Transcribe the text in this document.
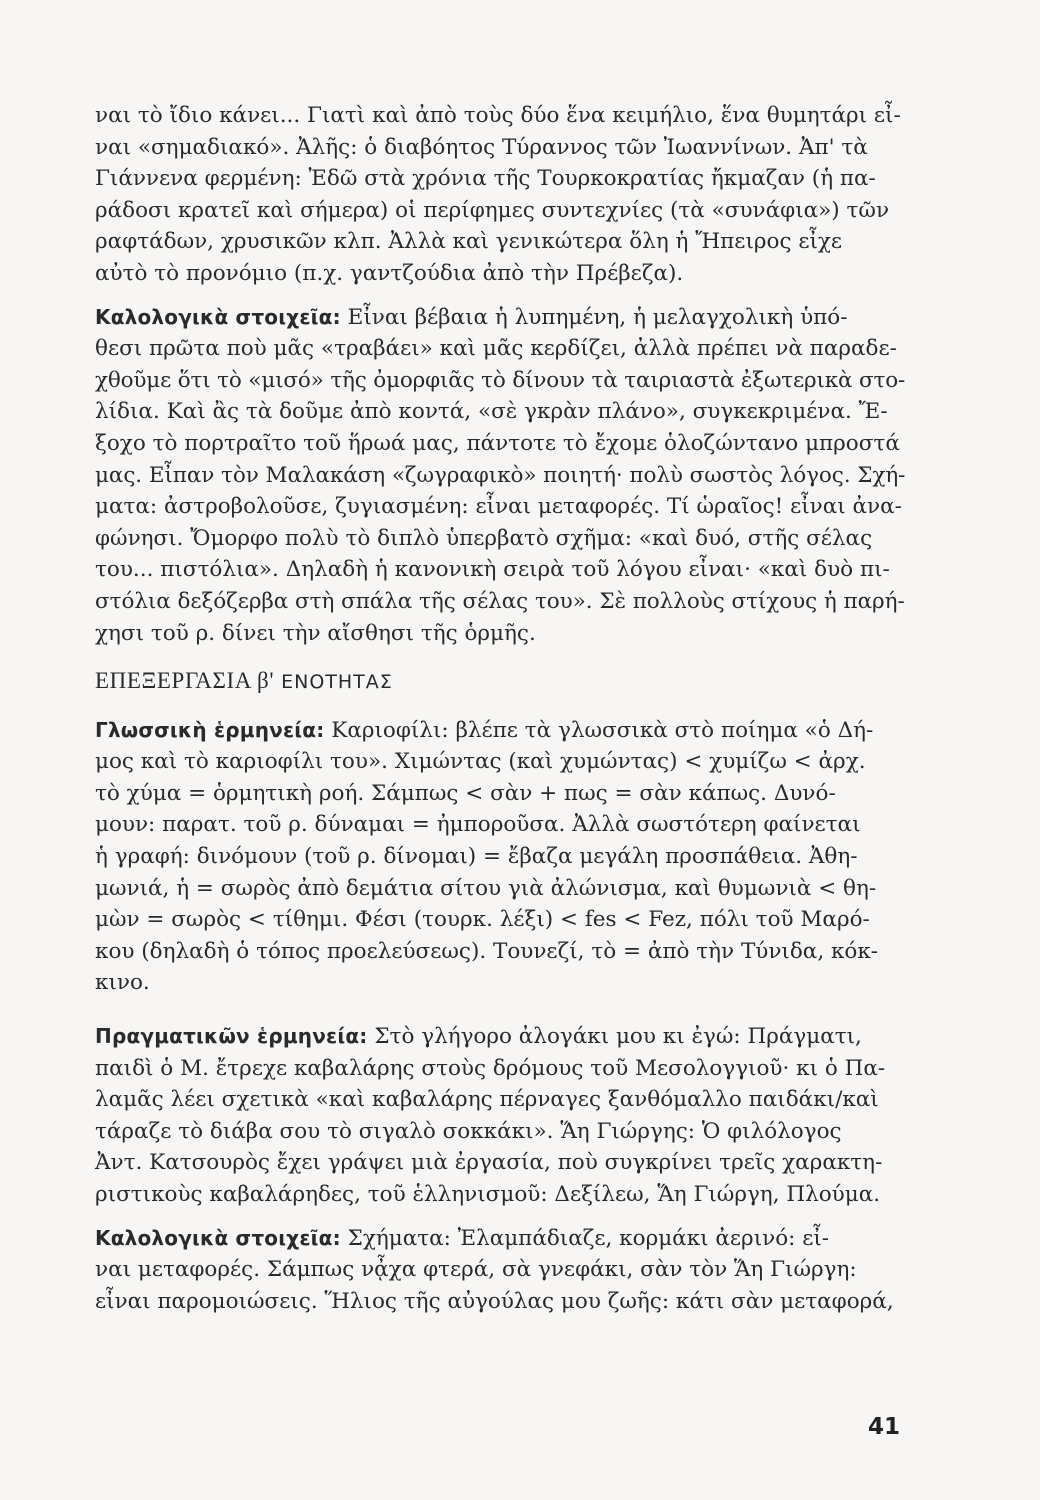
ναι τὸ ἴδιο κάνει... Γιατὶ καὶ ἀπὸ τοὺς δύο ἕνα κειμήλιο, ἕνα θυμητάρι εἶ-
ναι «σημαδιακό». Ἀλῆς: ὁ διαβόητος Τύραννος τῶν Ἰωαννίνων. Ἀπ' τὰ
Γιάννενα φερμένη: Ἐδῶ στὰ χρόνια τῆς Τουρκοκρατίας ἤκμαζαν (ἡ πα-
ράδοσι κρατεῖ καὶ σήμερα) οἱ περίφημες συντεχνίες (τὰ «συνάφια») τῶν
ραφτάδων, χρυσικῶν κλπ. Ἀλλὰ καὶ γενικώτερα ὅλη ἡ Ἤπειρος εἶχε
αὐτὸ τὸ προνόμιο (π.χ. γαντζούδια ἀπὸ τὴν Πρέβεζα).
Καλολογικὰ στοιχεῖα: Εἶναι βέβαια ἡ λυπημένη, ἡ μελαγχολικὴ ὑπό-
θεσι πρῶτα ποὺ μᾶς «τραβάει» καὶ μᾶς κερδίζει, ἀλλὰ πρέπει νὰ παραδε-
χθοῦμε ὅτι τὸ «μισό» τῆς ὀμορφιᾶς τὸ δίνουν τὰ ταιριαστὰ ἐξωτερικὰ στο-
λίδια. Καὶ ἂς τὰ δοῦμε ἀπὸ κοντά, «σὲ γκρὰν πλάνο», συγκεκριμένα. Ἔ-
ξοχο τὸ πορτραῖτο τοῦ ἥρωά μας, πάντοτε τὸ ἔχομε ὁλοζώντανο μπροστά
μας. Εἶπαν τὸν Μαλακάση «ζωγραφικὸ» ποιητή· πολὺ σωστὸς λόγος. Σχή-
ματα: ἀστροβολοῦσε, ζυγιασμένη: εἶναι μεταφορές. Τί ὡραῖος! εἶναι ἀνα-
φώνησι. Ὄμορφο πολὺ τὸ διπλὸ ὑπερβατὸ σχῆμα: «καὶ δυό, στῆς σέλας
του... πιστόλια». Δηλαδὴ ἡ κανονικὴ σειρὰ τοῦ λόγου εἶναι· «καὶ δυὸ πι-
στόλια δεξόζερβα στὴ σπάλα τῆς σέλας του». Σὲ πολλοὺς στίχους ἡ παρή-
χησι τοῦ ρ. δίνει τὴν αἴσθησι τῆς ὁρμῆς.
ΕΠΕΞΕΡΓΑΣΙΑ β' ΕΝΟΤΗΤΑΣ
Γλωσσικὴ ἑρμηνεία: Καριοφίλι: βλέπε τὰ γλωσσικὰ στὸ ποίημα «ὁ Δή-
μος καὶ τὸ καριοφίλι του». Χιμώντας (καὶ χυμώντας) < χυμίζω < ἀρχ.
τὸ χύμα = ὁρμητικὴ ροή. Σάμπως < σὰν + πως = σὰν κάπως. Δυνό-
μουν: παρατ. τοῦ ρ. δύναμαι = ἠμποροῦσα. Ἀλλὰ σωστότερη φαίνεται
ἡ γραφή: δινόμουν (τοῦ ρ. δίνομαι) = ἔβαζα μεγάλη προσπάθεια. Ἀθη-
μωνιά, ἡ = σωρὸς ἀπὸ δεμάτια σίτου γιὰ ἀλώνισμα, καὶ θυμωνιὰ < θη-
μὼν = σωρὸς < τίθημι. Φέσι (τουρκ. λέξι) < fes < Fez, πόλι τοῦ Μαρό-
κου (δηλαδὴ ὁ τόπος προελεύσεως). Τουνεζί, τὸ = ἀπὸ τὴν Τύνιδα, κόκ-
κινο.
Πραγματικῶν ἑρμηνεία: Στὸ γλήγορο ἀλογάκι μου κι ἐγώ: Πράγματι,
παιδὶ ὁ Μ. ἔτρεχε καβαλάρης στοὺς δρόμους τοῦ Μεσολογγιοῦ· κι ὁ Πα-
λαμᾶς λέει σχετικὰ «καὶ καβαλάρης πέρναγες ξανθόμαλλο παιδάκι/καὶ
τάραζε τὸ διάβα σου τὸ σιγαλὸ σοκκάκι». Ἅη Γιώργης: Ὁ φιλόλογος
Ἀντ. Κατσουρὸς ἔχει γράψει μιὰ ἐργασία, ποὺ συγκρίνει τρεῖς χαρακτη-
ριστικοὺς καβαλάρηδες, τοῦ ἑλληνισμοῦ: Δεξίλεω, Ἅη Γιώργη, Πλούμα.
Καλολογικὰ στοιχεῖα: Σχήματα: Ἐλαμπάδιαζε, κορμάκι ἀερινό: εἶ-
ναι μεταφορές. Σάμπως νᾆχα φτερά, σὰ γνεφάκι, σὰν τὸν Ἅη Γιώργη:
εἶναι παρομοιώσεις. Ἥλιος τῆς αὐγούλας μου ζωῆς: κάτι σὰν μεταφορά,
41
